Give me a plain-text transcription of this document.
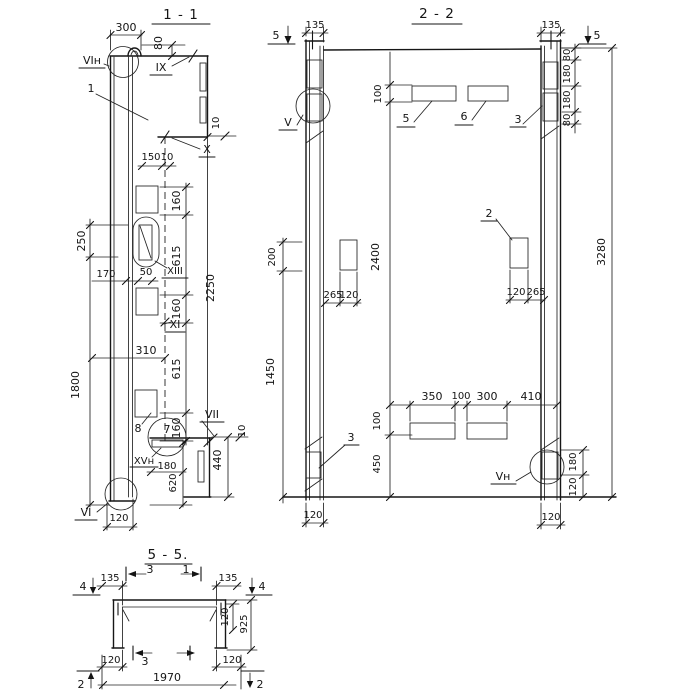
1 - 1
300
80
VIн
IX
1
10
X
150 10
160
615
160
615
160
2250
250
170 50 XIII
1800
310
XI
8 7
VII
10
440
XVн 180
620
VI 120
2 - 2
5
135	135
5
80
180
180
80
3
V
100
5	6
2400	3280
200
2
265
120	120 265
1450
350 100 300 410
3
100
450
Vн
180
120
120	120
5 - 5.
4
135
3	1
135
4
120 925
120 3	120
1970
2	2
